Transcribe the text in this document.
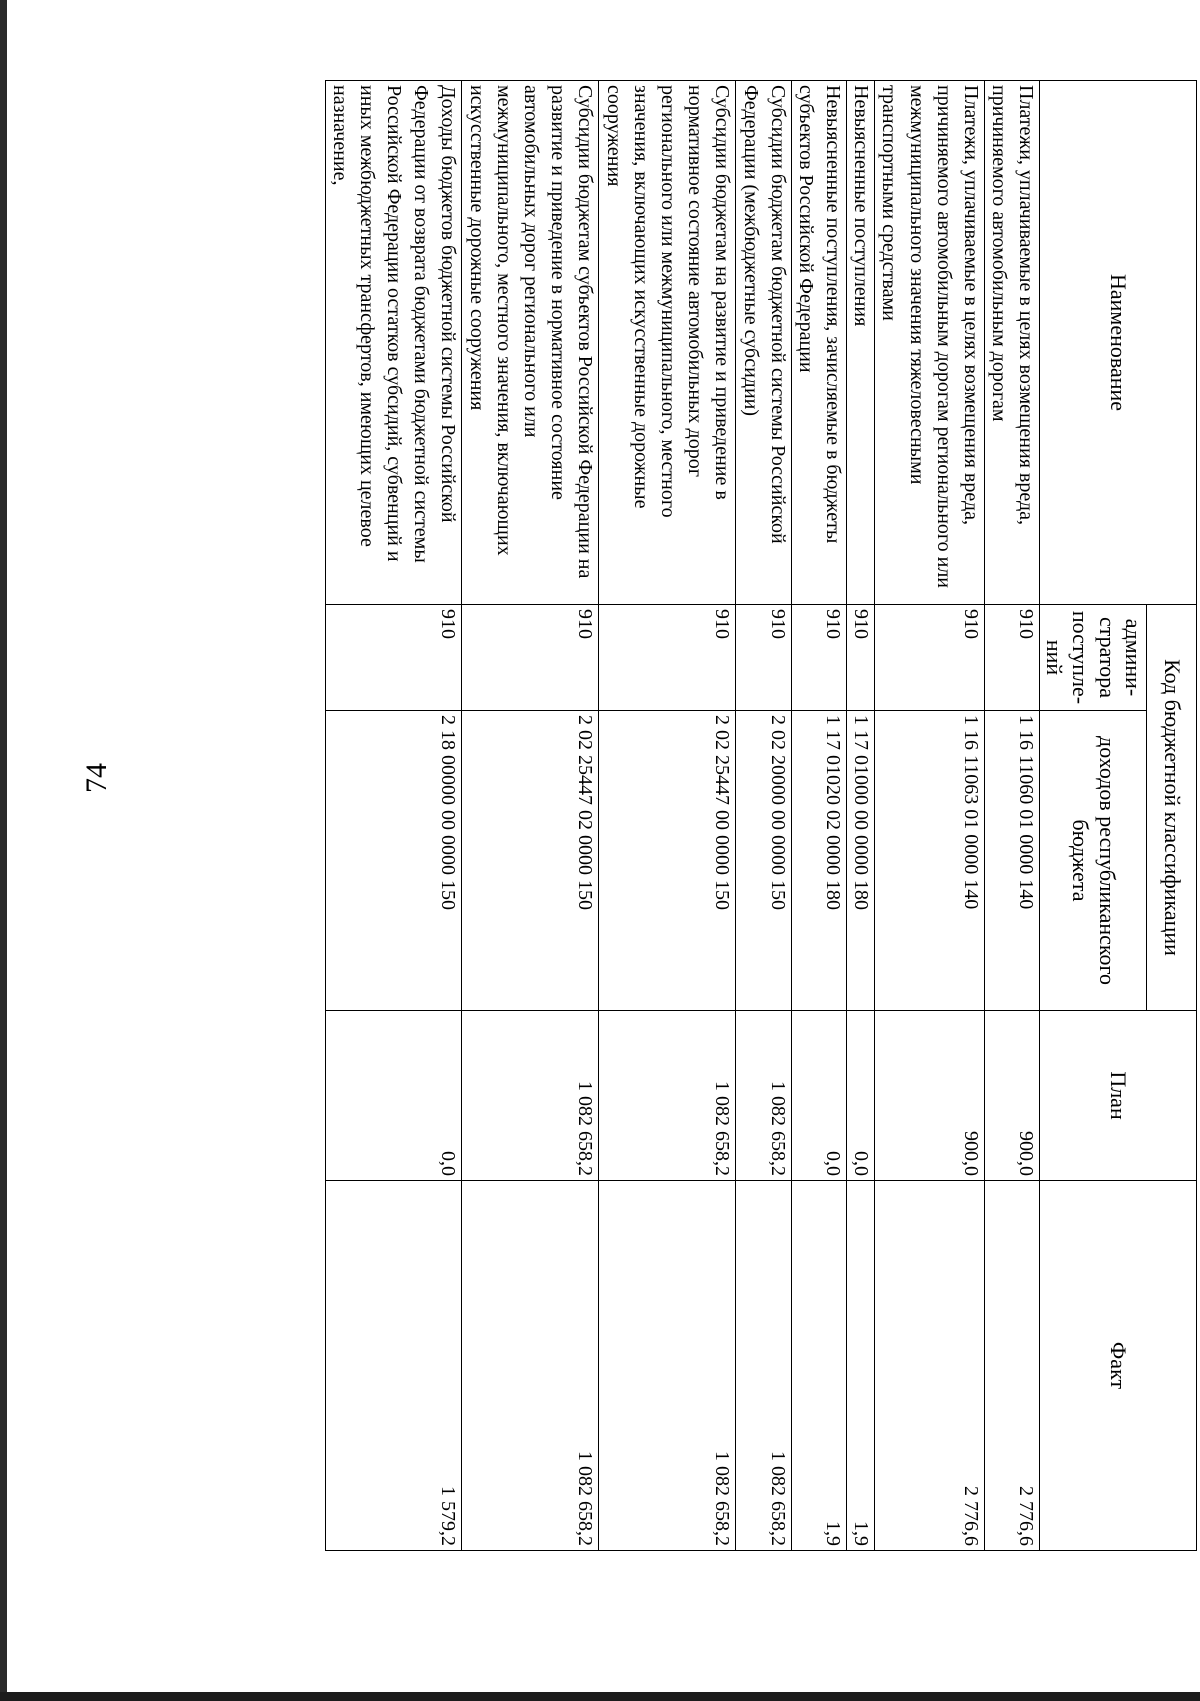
74
Наименование	Код бюджетной классификации		План	Факт
	админи-стратора поступле-ний	доходов республиканского бюджета		
Платежи, уплачиваемые в целях возмещения вреда, причиняемого автомобильным дорогам	910	1 16 11060 01 0000 140	900,0	2 776,6
Платежи, уплачиваемые в целях возмещения вреда, причиняемого автомобильным дорогам регионального или межмуниципального значения тяжеловесными транспортными средствами	910	1 16 11063 01 0000 140	900,0	2 776,6
Невыясненные поступления	910	1 17 01000 00 0000 180	0,0	1,9
Невыясненные поступления, зачисляемые в бюджеты субъектов Российской Федерации	910	1 17 01020 02 0000 180	0,0	1,9
Субсидии бюджетам бюджетной системы Российской Федерации (межбюджетные субсидии)	910	2 02 20000 00 0000 150	1 082 658,2	1 082 658,2
Субсидии бюджетам на развитие и приведение в нормативное состояние автомобильных дорог регионального или межмуниципального, местного значения, включающих искусственные дорожные сооружения	910	2 02 25447 00 0000 150	1 082 658,2	1 082 658,2
Субсидии бюджетам субъектов Российской Федерации на развитие и приведение в нормативное состояние автомобильных дорог регионального или межмуниципального, местного значения, включающих искусственные дорожные сооружения	910	2 02 25447 02 0000 150	1 082 658,2	1 082 658,2
Доходы бюджетов бюджетной системы Российской Федерации от возврата бюджетами бюджетной системы Российской Федерации остатков субсидий, субвенций и иных межбюджетных трансфертов, имеющих целевое назначение,	910	2 18 00000 00 0000 150	0,0	1 579,2
